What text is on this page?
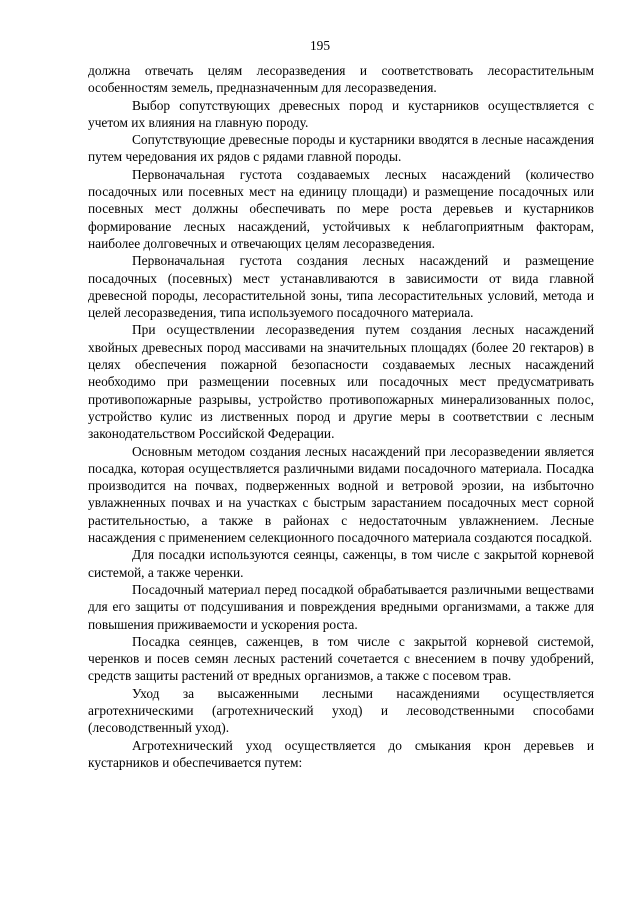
195

должна отвечать целям лесоразведения и соответствовать лесорастительным особенностям земель, предназначенным для лесоразведения.

Выбор сопутствующих древесных пород и кустарников осуществляется с учетом их влияния на главную породу.

Сопутствующие древесные породы и кустарники вводятся в лесные насаждения путем чередования их рядов с рядами главной породы.

Первоначальная густота создаваемых лесных насаждений (количество посадочных или посевных мест на единицу площади) и размещение посадочных или посевных мест должны обеспечивать по мере роста деревьев и кустарников формирование лесных насаждений, устойчивых к неблагоприятным факторам, наиболее долговечных и отвечающих целям лесоразведения.

Первоначальная густота создания лесных насаждений и размещение посадочных (посевных) мест устанавливаются в зависимости от вида главной древесной породы, лесорастительной зоны, типа лесорастительных условий, метода и целей лесоразведения, типа используемого посадочного материала.

При осуществлении лесоразведения путем создания лесных насаждений хвойных древесных пород массивами на значительных площадях (более 20 гектаров) в целях обеспечения пожарной безопасности создаваемых лесных насаждений необходимо при размещении посевных или посадочных мест предусматривать противопожарные разрывы, устройство противопожарных минерализованных полос, устройство кулис из лиственных пород и другие меры в соответствии с лесным законодательством Российской Федерации.

Основным методом создания лесных насаждений при лесоразведении является посадка, которая осуществляется различными видами посадочного материала. Посадка производится на почвах, подверженных водной и ветровой эрозии, на избыточно увлажненных почвах и на участках с быстрым зарастанием посадочных мест сорной растительностью, а также в районах с недостаточным увлажнением. Лесные насаждения с применением селекционного посадочного материала создаются посадкой.

Для посадки используются сеянцы, саженцы, в том числе с закрытой корневой системой, а также черенки.

Посадочный материал перед посадкой обрабатывается различными веществами для его защиты от подсушивания и повреждения вредными организмами, а также для повышения приживаемости и ускорения роста.

Посадка сеянцев, саженцев, в том числе с закрытой корневой системой, черенков и посев семян лесных растений сочетается с внесением в почву удобрений, средств защиты растений от вредных организмов, а также с посевом трав.

Уход за высаженными лесными насаждениями осуществляется агротехническими (агротехнический уход) и лесоводственными способами (лесоводственный уход).

Агротехнический уход осуществляется до смыкания крон деревьев и кустарников и обеспечивается путем:
